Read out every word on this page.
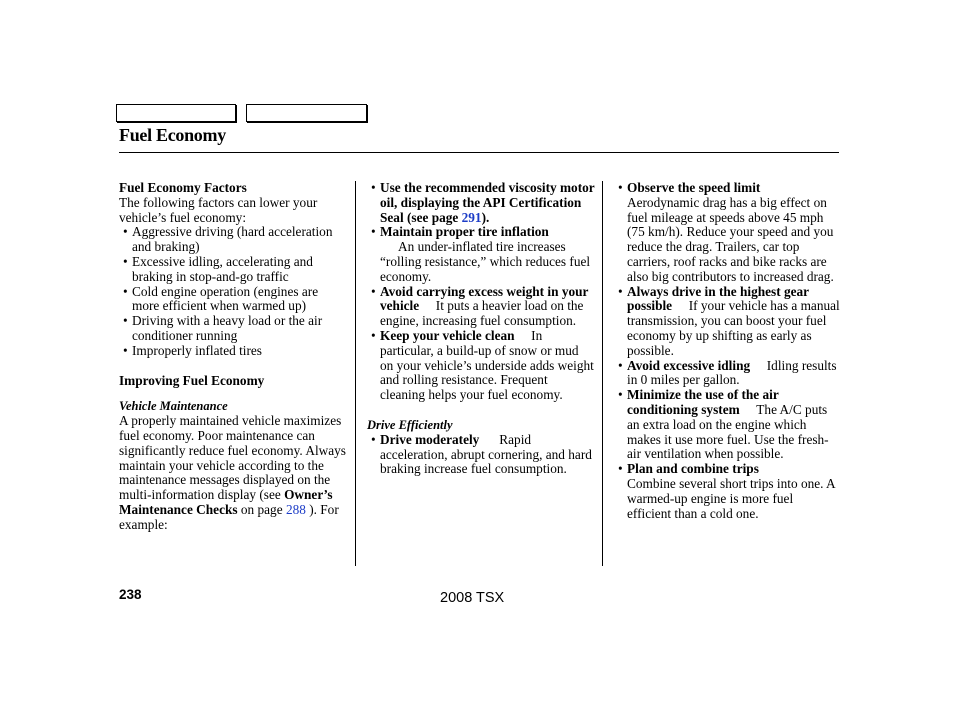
Fuel Economy

Fuel Economy Factors

The following factors can lower your vehicle’s fuel economy:

• Aggressive driving (hard acceleration and braking)

• Excessive idling, accelerating and braking in stop-and-go traffic

• Cold engine operation (engines are more efficient when warmed up)

• Driving with a heavy load or the air conditioner running

• Improperly inflated tires

Improving Fuel Economy

Vehicle Maintenance

A properly maintained vehicle maximizes fuel economy. Poor maintenance can significantly reduce fuel economy. Always maintain your vehicle according to the maintenance messages displayed on the multi-information display (see Owner’s Maintenance Checks on page 288 ). For example:

• Use the recommended viscosity motor oil, displaying the API Certification Seal (see page 291).

• Maintain proper tire inflation
An under-inflated tire increases “rolling resistance,” which reduces fuel economy.

• Avoid carrying excess weight in your vehicle It puts a heavier load on the engine, increasing fuel consumption.

• Keep your vehicle clean In particular, a build-up of snow or mud on your vehicle’s underside adds weight and rolling resistance. Frequent cleaning helps your fuel economy.

Drive Efficiently

• Drive moderately Rapid acceleration, abrupt cornering, and hard braking increase fuel consumption.

• Observe the speed limit
Aerodynamic drag has a big effect on fuel mileage at speeds above 45 mph (75 km/h). Reduce your speed and you reduce the drag. Trailers, car top carriers, roof racks and bike racks are also big contributors to increased drag.

• Always drive in the highest gear possible If your vehicle has a manual transmission, you can boost your fuel economy by up shifting as early as possible.

• Avoid excessive idling Idling results in 0 miles per gallon.

• Minimize the use of the air conditioning system The A/C puts an extra load on the engine which makes it use more fuel. Use the fresh-air ventilation when possible.

• Plan and combine trips
Combine several short trips into one. A warmed-up engine is more fuel efficient than a cold one.

238	2008 TSX
